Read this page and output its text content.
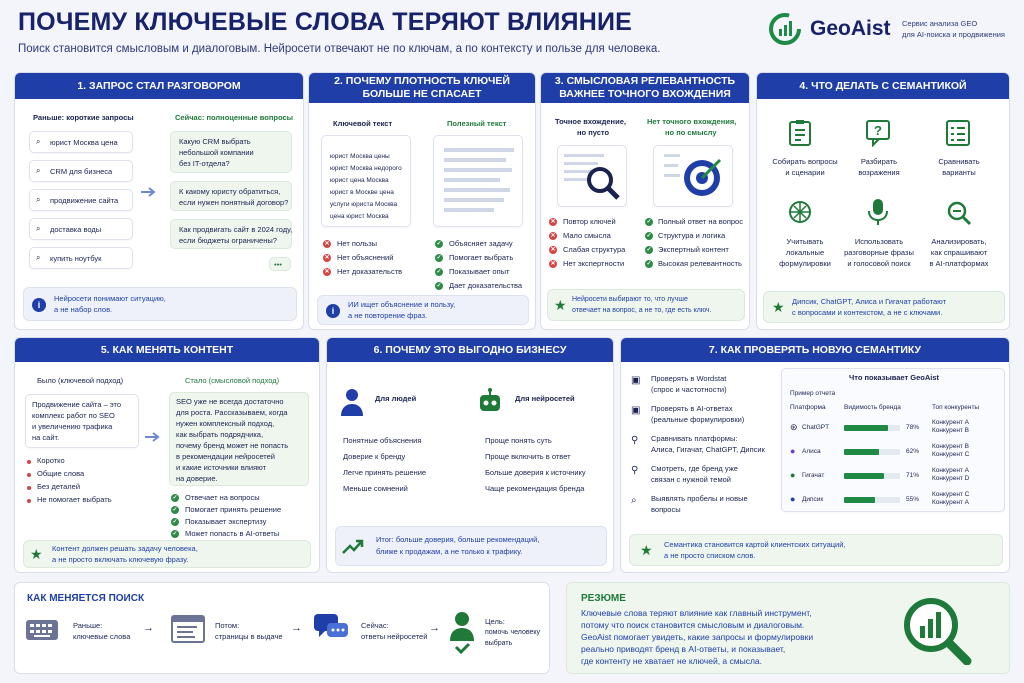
ПОЧЕМУ КЛЮЧЕВЫЕ СЛОВА ТЕРЯЮТ ВЛИЯНИЕ
Поиск становится смысловым и диалоговым. Нейросети отвечают не по ключам, а по контексту и пользе для человека.
GeoAist Сервис анализа GEO
для AI-поиска и продвижения
1. ЗАПРОС СТАЛ РАЗГОВОРОМ
Раньше: короткие запросы	Сейчас: полноценные вопросы
⌕ юрист Москва цена
⌕ CRM для бизнеса
⌕ продвижение сайта
⌕ доставка воды
⌕ купить ноутбук
Какую CRM выбрать
небольшой компании
без IT-отдела?
К какому юристу обратиться,
если нужен понятный договор?
Как продвигать сайт в 2024 году,
если бюджеты ограничены?
•••
i
Нейросети понимают ситуацию,
а не набор слов.
2. ПОЧЕМУ ПЛОТНОСТЬ КЛЮЧЕЙ
БОЛЬШЕ НЕ СПАСАЕТ
Ключевой текст	Полезный текст
юрист Москва цены
юрист Москва недорого
юрист цена Москва
юрист в Москве цена
услуги юриста Москва
цена юрист Москва
✕ Нет пользы
✕ Нет объяснений
✕ Нет доказательств
✓ Объясняет задачу
✓ Помогает выбрать
✓ Показывает опыт
✓ Дает доказательства
i
ИИ ищет объяснение и пользу,
а не повторение фраз.
3. СМЫСЛОВАЯ РЕЛЕВАНТНОСТЬ
ВАЖНЕЕ ТОЧНОГО ВХОЖДЕНИЯ
Точное вхождение,
но пусто
Нет точного вхождения,
но по смыслу
✕ Повтор ключей
✕ Мало смысла
✕ Слабая структура
✕ Нет экспертности
✓ Полный ответ на вопрос
✓ Структура и логика
✓ Экспертный контент
✓ Высокая релевантность
★ Нейросети выбирают то, что лучше
отвечает на вопрос, а не то, где есть ключ.
4. ЧТО ДЕЛАТЬ С СЕМАНТИКОЙ
?
Собирать вопросы
и сценарии
Разбирать
возражения
Сравнивать
варианты
Учитывать
локальные
формулировки
Использовать
разговорные фразы
и голосовой поиск
Анализировать,
как спрашивают
в AI-платформах
★ Дипсик, ChatGPT, Алиса и Гигачат работают
с вопросами и контекстом, а не с ключами.
5. КАК МЕНЯТЬ КОНТЕНТ
Было (ключевой подход)	Стало (смысловой подход)
Продвижение сайта – это
комплекс работ по SEO
и увеличению трафика
на сайт.
Коротко
Общие слова
Без деталей
Не помогает выбрать
SEO уже не всегда достаточно
для роста. Рассказываем, когда
нужен комплексный подход,
как выбрать подрядчика,
почему бренд может не попасть
в рекомендации нейросетей
и какие источники влияют
на доверие.
✓ Отвечает на вопросы
✓ Помогает принять решение
✓ Показывает экспертизу
✓ Может попасть в AI-ответы
★ Контент должен решать задачу человека,
а не просто включать ключевую фразу.
6. ПОЧЕМУ ЭТО ВЫГОДНО БИЗНЕСУ
Для людей	Для нейросетей
Понятные объяснения
Доверие к бренду
Легче принять решение
Меньше сомнений
Проще понять суть
Проще включить в ответ
Больше доверия к источнику
Чаще рекомендация бренда
Итог: больше доверия, больше рекомендаций,
ближе к продажам, а не только к трафику.
7. КАК ПРОВЕРЯТЬ НОВУЮ СЕМАНТИКУ
▣ Проверять в Wordstat
(спрос и частотности)
▣ Проверять в AI-ответах
(реальные формулировки)
⚲ Сравнивать платформы:
Алиса, Гигачат, ChatGPT, Дипсик
⚲ Смотреть, где бренд уже
связан с нужной темой
⌕ Выявлять пробелы и новые
вопросы
Что показывает GeoAist
Пример отчета
Платформа	Видимость бренда	Топ конкуренты
⊛ ChatGPT	78%
Конкурент А
Конкурент B
● Алиса	62%
Конкурент B
Конкурент С
● Гигачат	71%
Конкурент А
Конкурент D
● Дипсик	55%
Конкурент С
Конкурент А
★ Семантика становится картой клиентских ситуаций,
а не просто списком слов.
КАК МЕНЯЕТСЯ ПОИСК
Раньше:
ключевые слова
→	Потом:
страницы в выдаче
→	Сейчас:
ответы нейросетей
→
Цель:
помочь человеку
выбрать
РЕЗЮМЕ
Ключевые слова теряют влияние как главный инструмент,
потому что поиск становится смысловым и диалоговым.
GeoAist помогает увидеть, какие запросы и формулировки
реально приводят бренд в AI-ответы, и показывает,
где контенту не хватает не ключей, а смысла.
